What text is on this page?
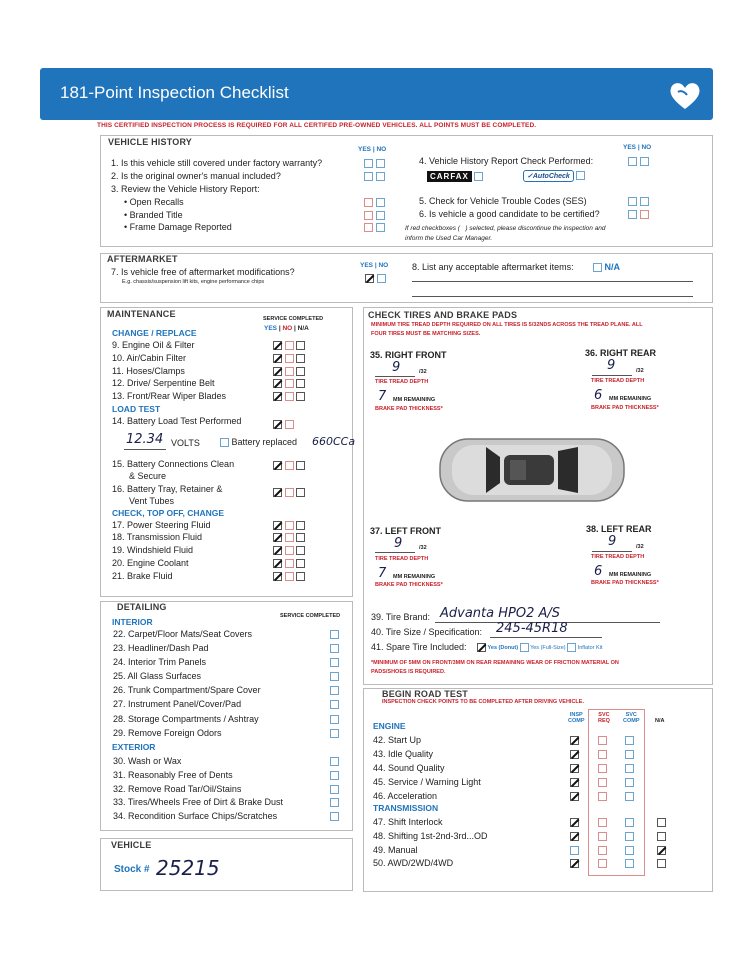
181-Point Inspection Checklist
THIS CERTIFIED INSPECTION PROCESS IS REQUIRED FOR ALL CERTIFED PRE-OWNED VEHICLES. ALL POINTS MUST BE COMPLETED.
VEHICLE HISTORY
YES | NO
1. Is this vehicle still covered under factory warranty?
2. Is the original owner's manual included?
3. Review the Vehicle History Report:
• Open Recalls
• Branded Title
• Frame Damage Reported

YES | NO
4. Vehicle History Report Check Performed:

CARFAX	✓AutoCheck
5. Check for Vehicle Trouble Codes (SES)
6. Is vehicle a good candidate to be certified?

If red checkboxes (   ) selected, please discontinue the inspection and
inform the Used Car Manager.
AFTERMARKET
7. Is vehicle free of aftermarket modifications?
E.g. chassis/suspension lift kits, engine performance chips
YES | NO
	8. List any acceptable aftermarket items:	N/A
MAINTENANCE	SERVICE COMPLETED
YES | NO | N/A
CHANGE / REPLACE
9. Engine Oil & Filter
10. Air/Cabin Filter
11. Hoses/Clamps
12. Drive/ Serpentine Belt
13. Front/Rear Wiper Blades

LOAD TEST
14. Battery Load Test Performed

12.34 VOLTS	Battery replaced 660CCa
15. Battery Connections Clean
& Secure

16. Battery Tray, Retainer &
Vent Tubes

CHECK, TOP OFF, CHANGE
17. Power Steering Fluid
18. Transmission Fluid
19. Windshield Fluid
20. Engine Coolant
21. Brake Fluid

CHECK TIRES AND BRAKE PADS
MINIMUM TIRE TREAD DEPTH REQUIRED ON ALL TIRES IS 5/32NDS ACROSS THE TREAD PLANE. ALL
FOUR TIRES MUST BE MATCHING SIZES.
35. RIGHT FRONT
9	/32
TIRE TREAD DEPTH
7 MM REMAINING
BRAKE PAD THICKNESS*
36. RIGHT REAR
9	/32
TIRE TREAD DEPTH
6 MM REMAINING
BRAKE PAD THICKNESS*
37. LEFT FRONT
9	/32
TIRE TREAD DEPTH
7 MM REMAINING
BRAKE PAD THICKNESS*
38. LEFT REAR
9	/32
TIRE TREAD DEPTH
6 MM REMAINING
BRAKE PAD THICKNESS*
39. Tire Brand: Advanta HPO2 A/S
40. Tire Size / Specification: 245-45R18
41. Spare Tire Included:	Yes (Donut) Yes (Full-Size) Inflator Kit
*MINIMUM OF 5MM ON FRONT/3MM ON REAR REMAINING WEAR OF FRICTION MATERIAL ON
PADS/SHOES IS REQUIRED.
DETAILING
SERVICE COMPLETED
INTERIOR
22. Carpet/Floor Mats/Seat Covers
23. Headliner/Dash Pad
24. Interior Trim Panels
25. All Glass Surfaces
26. Trunk Compartment/Spare Cover
27. Instrument Panel/Cover/Pad
28. Storage Compartments / Ashtray
29. Remove Foreign Odors
EXTERIOR
30. Wash or Wax
31. Reasonably Free of Dents
32. Remove Road Tar/Oil/Stains
33. Tires/Wheels Free of Dirt & Brake Dust
34. Recondition Surface Chips/Scratches
VEHICLE
Stock # 25215
BEGIN ROAD TEST
INSPECTION CHECK POINTS TO BE COMPLETED AFTER DRIVING VEHICLE.
INSP
COMP
SVC
REQ
SVC
COMP	N/A
ENGINE
42. Start Up
43. Idle Quality
44. Sound Quality
45. Service / Warning Light
46. Acceleration
TRANSMISSION
47. Shift Interlock
48. Shifting 1st-2nd-3rd...OD
49. Manual
50. AWD/2WD/4WD
